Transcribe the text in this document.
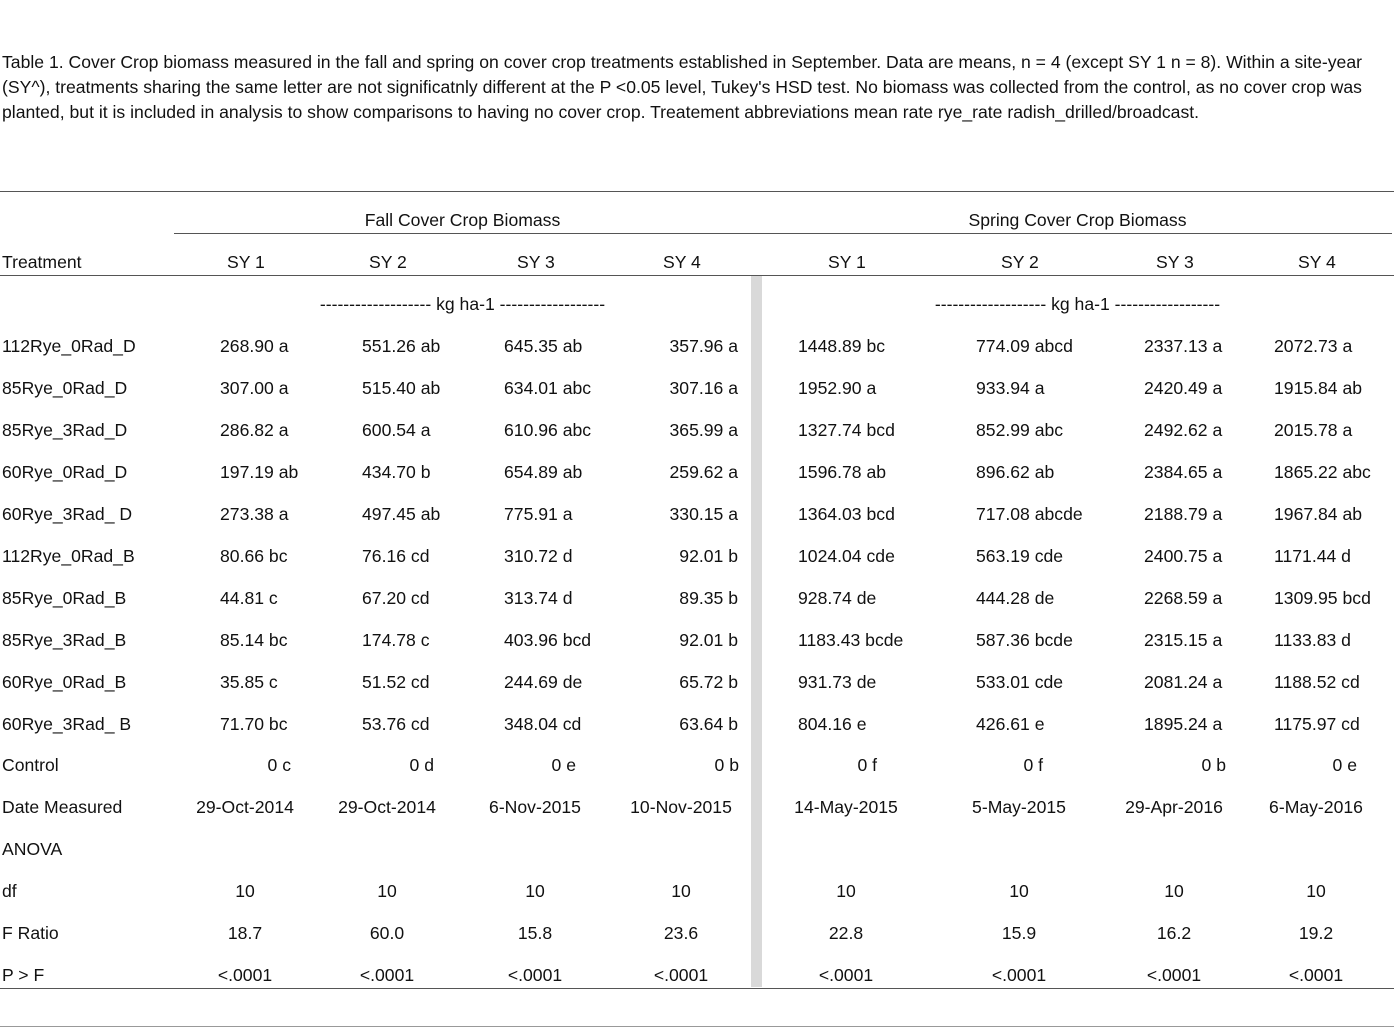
Table 1. Cover Crop biomass measured in the fall and spring on cover crop treatments established in September. Data are means, n = 4 (except SY 1 n = 8). Within a site-year (SY^), treatments sharing the same letter are not significatnly different at the P <0.05 level, Tukey's HSD test. No biomass was collected from the control, as no cover crop was planted, but it is included in analysis to show comparisons to having no cover crop. Treatement abbreviations mean rate rye_rate radish_drilled/broadcast.

Fall Cover Crop Biomass	Spring Cover Crop Biomass
Treatment	SY 1	SY 2	SY 3	SY 4	SY 1	SY 2	SY 3	SY 4
------------------- kg ha-1 ------------------	------------------- kg ha-1 ------------------
112Rye_0Rad_D	268.90 a	551.26 ab	645.35 ab	357.96 a	1448.89 bc	774.09 abcd	2337.13 a	2072.73 a
85Rye_0Rad_D	307.00 a	515.40 ab	634.01 abc	307.16 a	1952.90 a	933.94 a	2420.49 a	1915.84 ab
85Rye_3Rad_D	286.82 a	600.54 a	610.96 abc	365.99 a	1327.74 bcd	852.99 abc	2492.62 a	2015.78 a
60Rye_0Rad_D	197.19 ab	434.70 b	654.89 ab	259.62 a	1596.78 ab	896.62 ab	2384.65 a	1865.22 abc
60Rye_3Rad_ D	273.38 a	497.45 ab	775.91 a	330.15 a	1364.03 bcd	717.08 abcde	2188.79 a	1967.84 ab
112Rye_0Rad_B	80.66 bc	76.16 cd	310.72 d	92.01 b	1024.04 cde	563.19 cde	2400.75 a	1171.44 d
85Rye_0Rad_B	44.81 c	67.20 cd	313.74 d	89.35 b	928.74 de	444.28 de	2268.59 a	1309.95 bcd
85Rye_3Rad_B	85.14 bc	174.78 c	403.96 bcd	92.01 b	1183.43 bcde	587.36 bcde	2315.15 a	1133.83 d
60Rye_0Rad_B	35.85 c	51.52 cd	244.69 de	65.72 b	931.73 de	533.01 cde	2081.24 a	1188.52 cd
60Rye_3Rad_ B	71.70 bc	53.76 cd	348.04 cd	63.64 b	804.16 e	426.61 e	1895.24 a	1175.97 cd
Control	0 c	0 d	0 e	0 b	0 f	0 f	0 b	0 e
Date Measured	29-Oct-2014	29-Oct-2014	6-Nov-2015	10-Nov-2015	14-May-2015	5-May-2015	29-Apr-2016	6-May-2016
ANOVA
df	10	10	10	10	10	10	10	10
F Ratio	18.7	60.0	15.8	23.6	22.8	15.9	16.2	19.2
P > F	<.0001	<.0001	<.0001	<.0001	<.0001	<.0001	<.0001	<.0001
